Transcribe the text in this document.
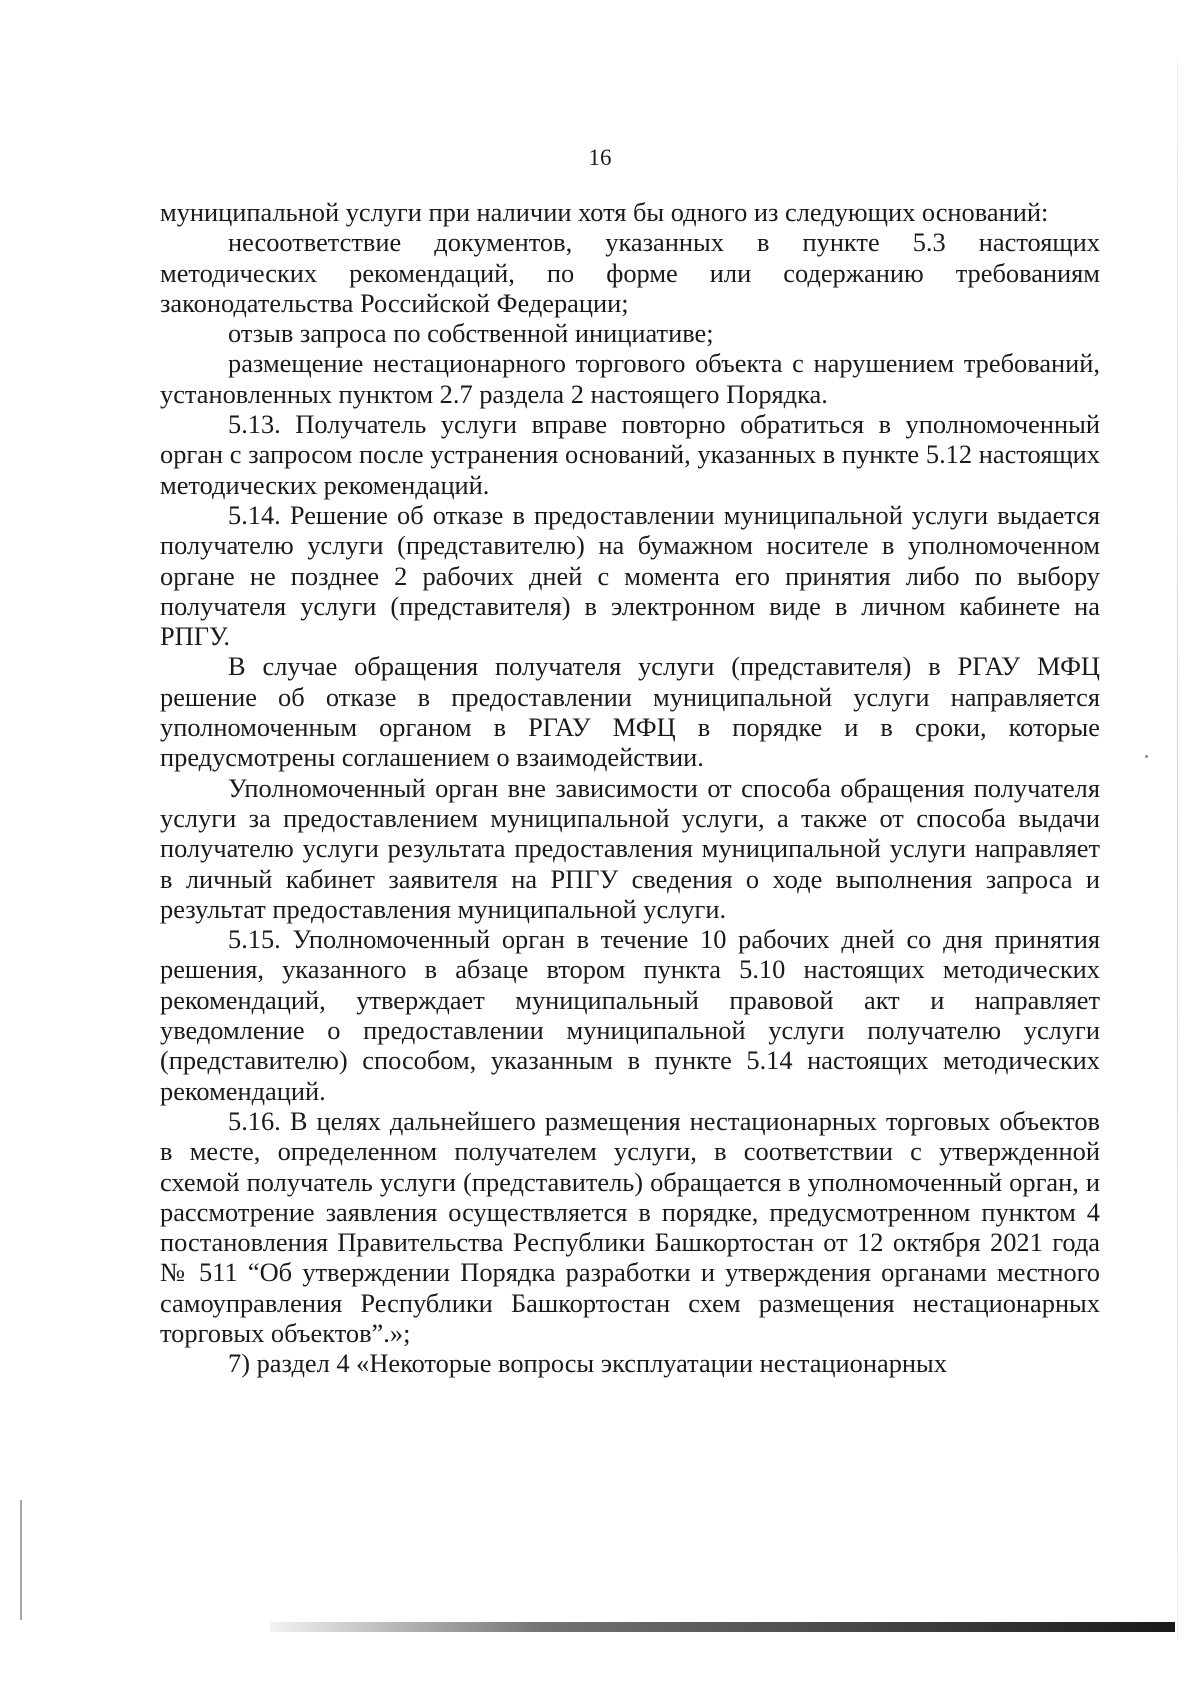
16

муниципальной услуги при наличии хотя бы одного из следующих оснований:

несоответствие документов, указанных в пункте 5.3 настоящих методических рекомендаций, по форме или содержанию требованиям законодательства Российской Федерации;

отзыв запроса по собственной инициативе;

размещение нестационарного торгового объекта с нарушением требований, установленных пунктом 2.7 раздела 2 настоящего Порядка.

5.13. Получатель услуги вправе повторно обратиться в уполномоченный орган с запросом после устранения оснований, указанных в пункте 5.12 настоящих методических рекомендаций.

5.14. Решение об отказе в предоставлении муниципальной услуги выдается получателю услуги (представителю) на бумажном носителе в уполномоченном органе не позднее 2 рабочих дней с момента его принятия либо по выбору получателя услуги (представителя) в электронном виде в личном кабинете на РПГУ.

В случае обращения получателя услуги (представителя) в РГАУ МФЦ решение об отказе в предоставлении муниципальной услуги направляется уполномоченным органом в РГАУ МФЦ в порядке и в сроки, которые предусмотрены соглашением о взаимодействии.

Уполномоченный орган вне зависимости от способа обращения получателя услуги за предоставлением муниципальной услуги, а также от способа выдачи получателю услуги результата предоставления муниципальной услуги направляет в личный кабинет заявителя на РПГУ сведения о ходе выполнения запроса и результат предоставления муниципальной услуги.

5.15. Уполномоченный орган в течение 10 рабочих дней со дня принятия решения, указанного в абзаце втором пункта 5.10 настоящих методических рекомендаций, утверждает муниципальный правовой акт и направляет уведомление о предоставлении муниципальной услуги получателю услуги (представителю) способом, указанным в пункте 5.14 настоящих методических рекомендаций.

5.16. В целях дальнейшего размещения нестационарных торговых объектов в месте, определенном получателем услуги, в соответствии с утвержденной схемой получатель услуги (представитель) обращается в уполномоченный орган, и рассмотрение заявления осуществляется в порядке, предусмотренном пунктом 4 постановления Правительства Республики Башкортостан от 12 октября 2021 года № 511 “Об утверждении Порядка разработки и утверждения органами местного самоуправления Республики Башкортостан схем размещения нестационарных торговых объектов”.»;

7) раздел 4 «Некоторые вопросы эксплуатации нестационарных
